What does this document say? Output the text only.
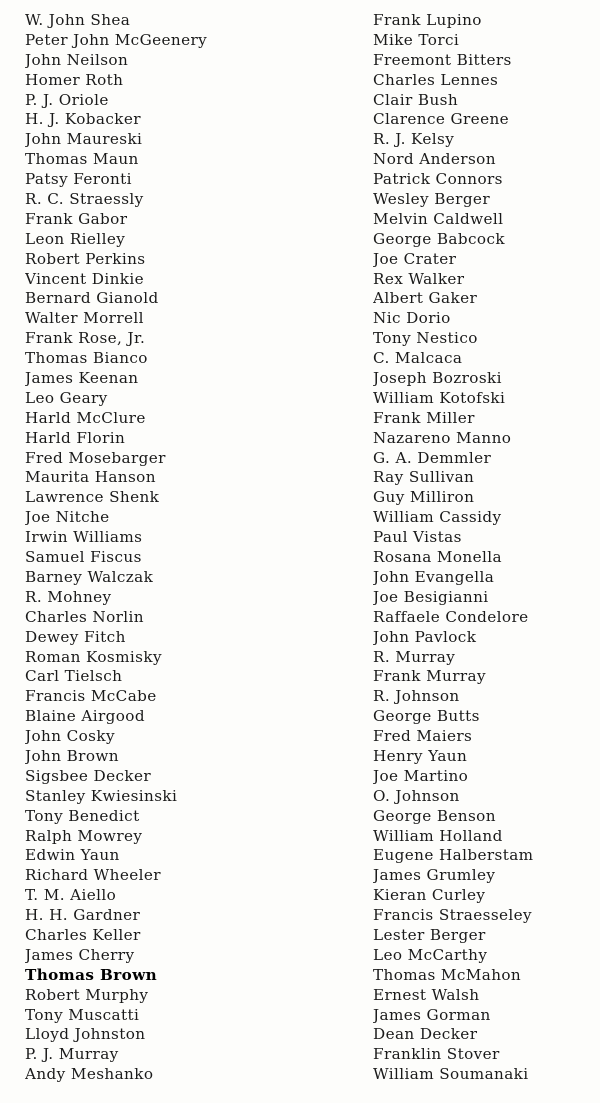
W. John Shea
Peter John McGeenery
John Neilson
Homer Roth
P. J. Oriole
H. J. Kobacker
John Maureski
Thomas Maun
Patsy Feronti
R. C. Straessly
Frank Gabor
Leon Rielley
Robert Perkins
Vincent Dinkie
Bernard Gianold
Walter Morrell
Frank Rose, Jr.
Thomas Bianco
James Keenan
Leo Geary
Harld McClure
Harld Florin
Fred Mosebarger
Maurita Hanson
Lawrence Shenk
Joe Nitche
Irwin Williams
Samuel Fiscus
Barney Walczak
R. Mohney
Charles Norlin
Dewey Fitch
Roman Kosmisky
Carl Tielsch
Francis McCabe
Blaine Airgood
John Cosky
John Brown
Sigsbee Decker
Stanley Kwiesinski
Tony Benedict
Ralph Mowrey
Edwin Yaun
Richard Wheeler
T. M. Aiello
H. H. Gardner
Charles Keller
James Cherry
Thomas Brown
Robert Murphy
Tony Muscatti
Lloyd Johnston
P. J. Murray
Andy Meshanko
Frank Lupino
Mike Torci
Freemont Bitters
Charles Lennes
Clair Bush
Clarence Greene
R. J. Kelsy
Nord Anderson
Patrick Connors
Wesley Berger
Melvin Caldwell
George Babcock
Joe Crater
Rex Walker
Albert Gaker
Nic Dorio
Tony Nestico
C. Malcaca
Joseph Bozroski
William Kotofski
Frank Miller
Nazareno Manno
G. A. Demmler
Ray Sullivan
Guy Milliron
William Cassidy
Paul Vistas
Rosana Monella
John Evangella
Joe Besigianni
Raffaele Condelore
John Pavlock
R. Murray
Frank Murray
R. Johnson
George Butts
Fred Maiers
Henry Yaun
Joe Martino
O. Johnson
George Benson
William Holland
Eugene Halberstam
James Grumley
Kieran Curley
Francis Straesseley
Lester Berger
Leo McCarthy
Thomas McMahon
Ernest Walsh
James Gorman
Dean Decker
Franklin Stover
William Soumanaki
